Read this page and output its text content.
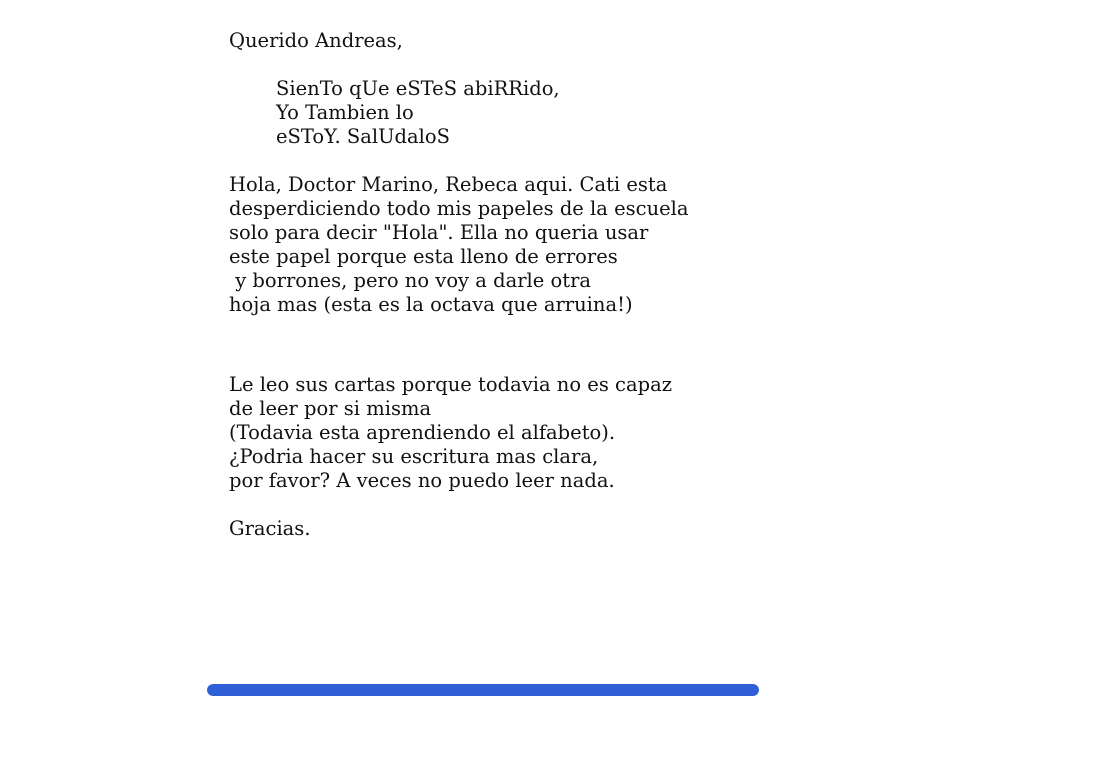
Querido Andreas,
SienTo qUe eSTeS abiRRido,
Yo Tambien lo
eSToY. SalUdaloS
Hola, Doctor Marino, Rebeca aqui. Cati esta
desperdiciendo todo mis papeles de la escuela
solo para decir "Hola". Ella no queria usar
este papel porque esta lleno de errores
y borrones, pero no voy a darle otra
hoja mas (esta es la octava que arruina!)
Le leo sus cartas porque todavia no es capaz
de leer por si misma
(Todavia esta aprendiendo el alfabeto).
¿Podria hacer su escritura mas clara,
por favor? A veces no puedo leer nada.
Gracias.
